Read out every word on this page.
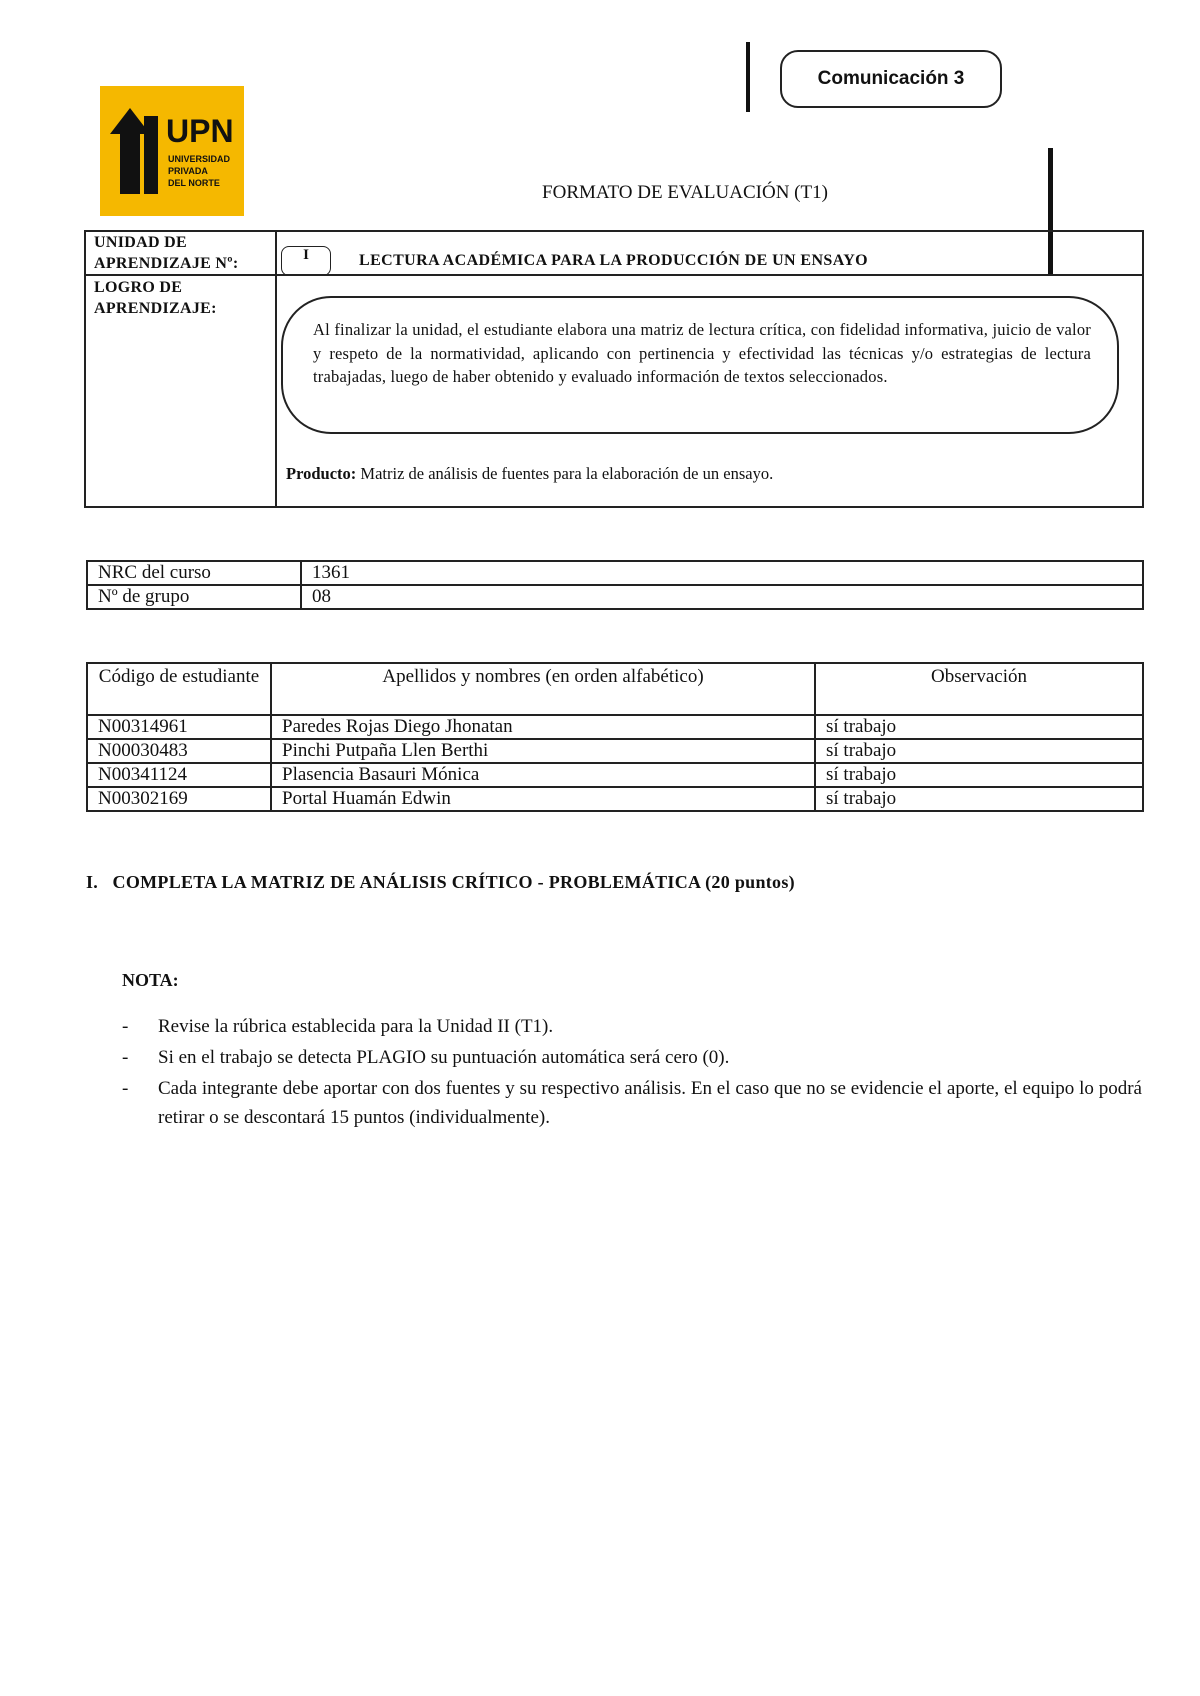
UPN
UNIVERSIDAD
PRIVADA
DEL NORTE
Comunicación 3
FORMATO DE EVALUACIÓN (T1)
UNIDAD DE APRENDIZAJE Nº:	I	LECTURA ACADÉMICA PARA LA PRODUCCIÓN DE UN ENSAYO
LOGRO DE APRENDIZAJE:

Al finalizar la unidad, el estudiante elabora una matriz de lectura crítica, con fidelidad informativa, juicio de valor y respeto de la normatividad, aplicando con pertinencia y efectividad las técnicas y/o estrategias de lectura trabajadas, luego de haber obtenido y evaluado información de textos seleccionados.

Producto: Matriz de análisis de fuentes para la elaboración de un ensayo.
NRC del curso	1361
Nº de grupo	08
Código de estudiante	Apellidos y nombres (en orden alfabético)	Observación
N00314961	Paredes Rojas Diego Jhonatan	sí trabajo
N00030483	Pinchi Putpaña Llen Berthi	sí trabajo
N00341124	Plasencia Basauri Mónica	sí trabajo
N00302169	Portal Huamán Edwin	sí trabajo
I. COMPLETA LA MATRIZ DE ANÁLISIS CRÍTICO - PROBLEMÁTICA (20 puntos)
NOTA:
- Revise la rúbrica establecida para la Unidad II (T1).
- Si en el trabajo se detecta PLAGIO su puntuación automática será cero (0).
- Cada integrante debe aportar con dos fuentes y su respectivo análisis. En el caso que no se evidencie el aporte, el equipo lo podrá retirar o se descontará 15 puntos (individualmente).
